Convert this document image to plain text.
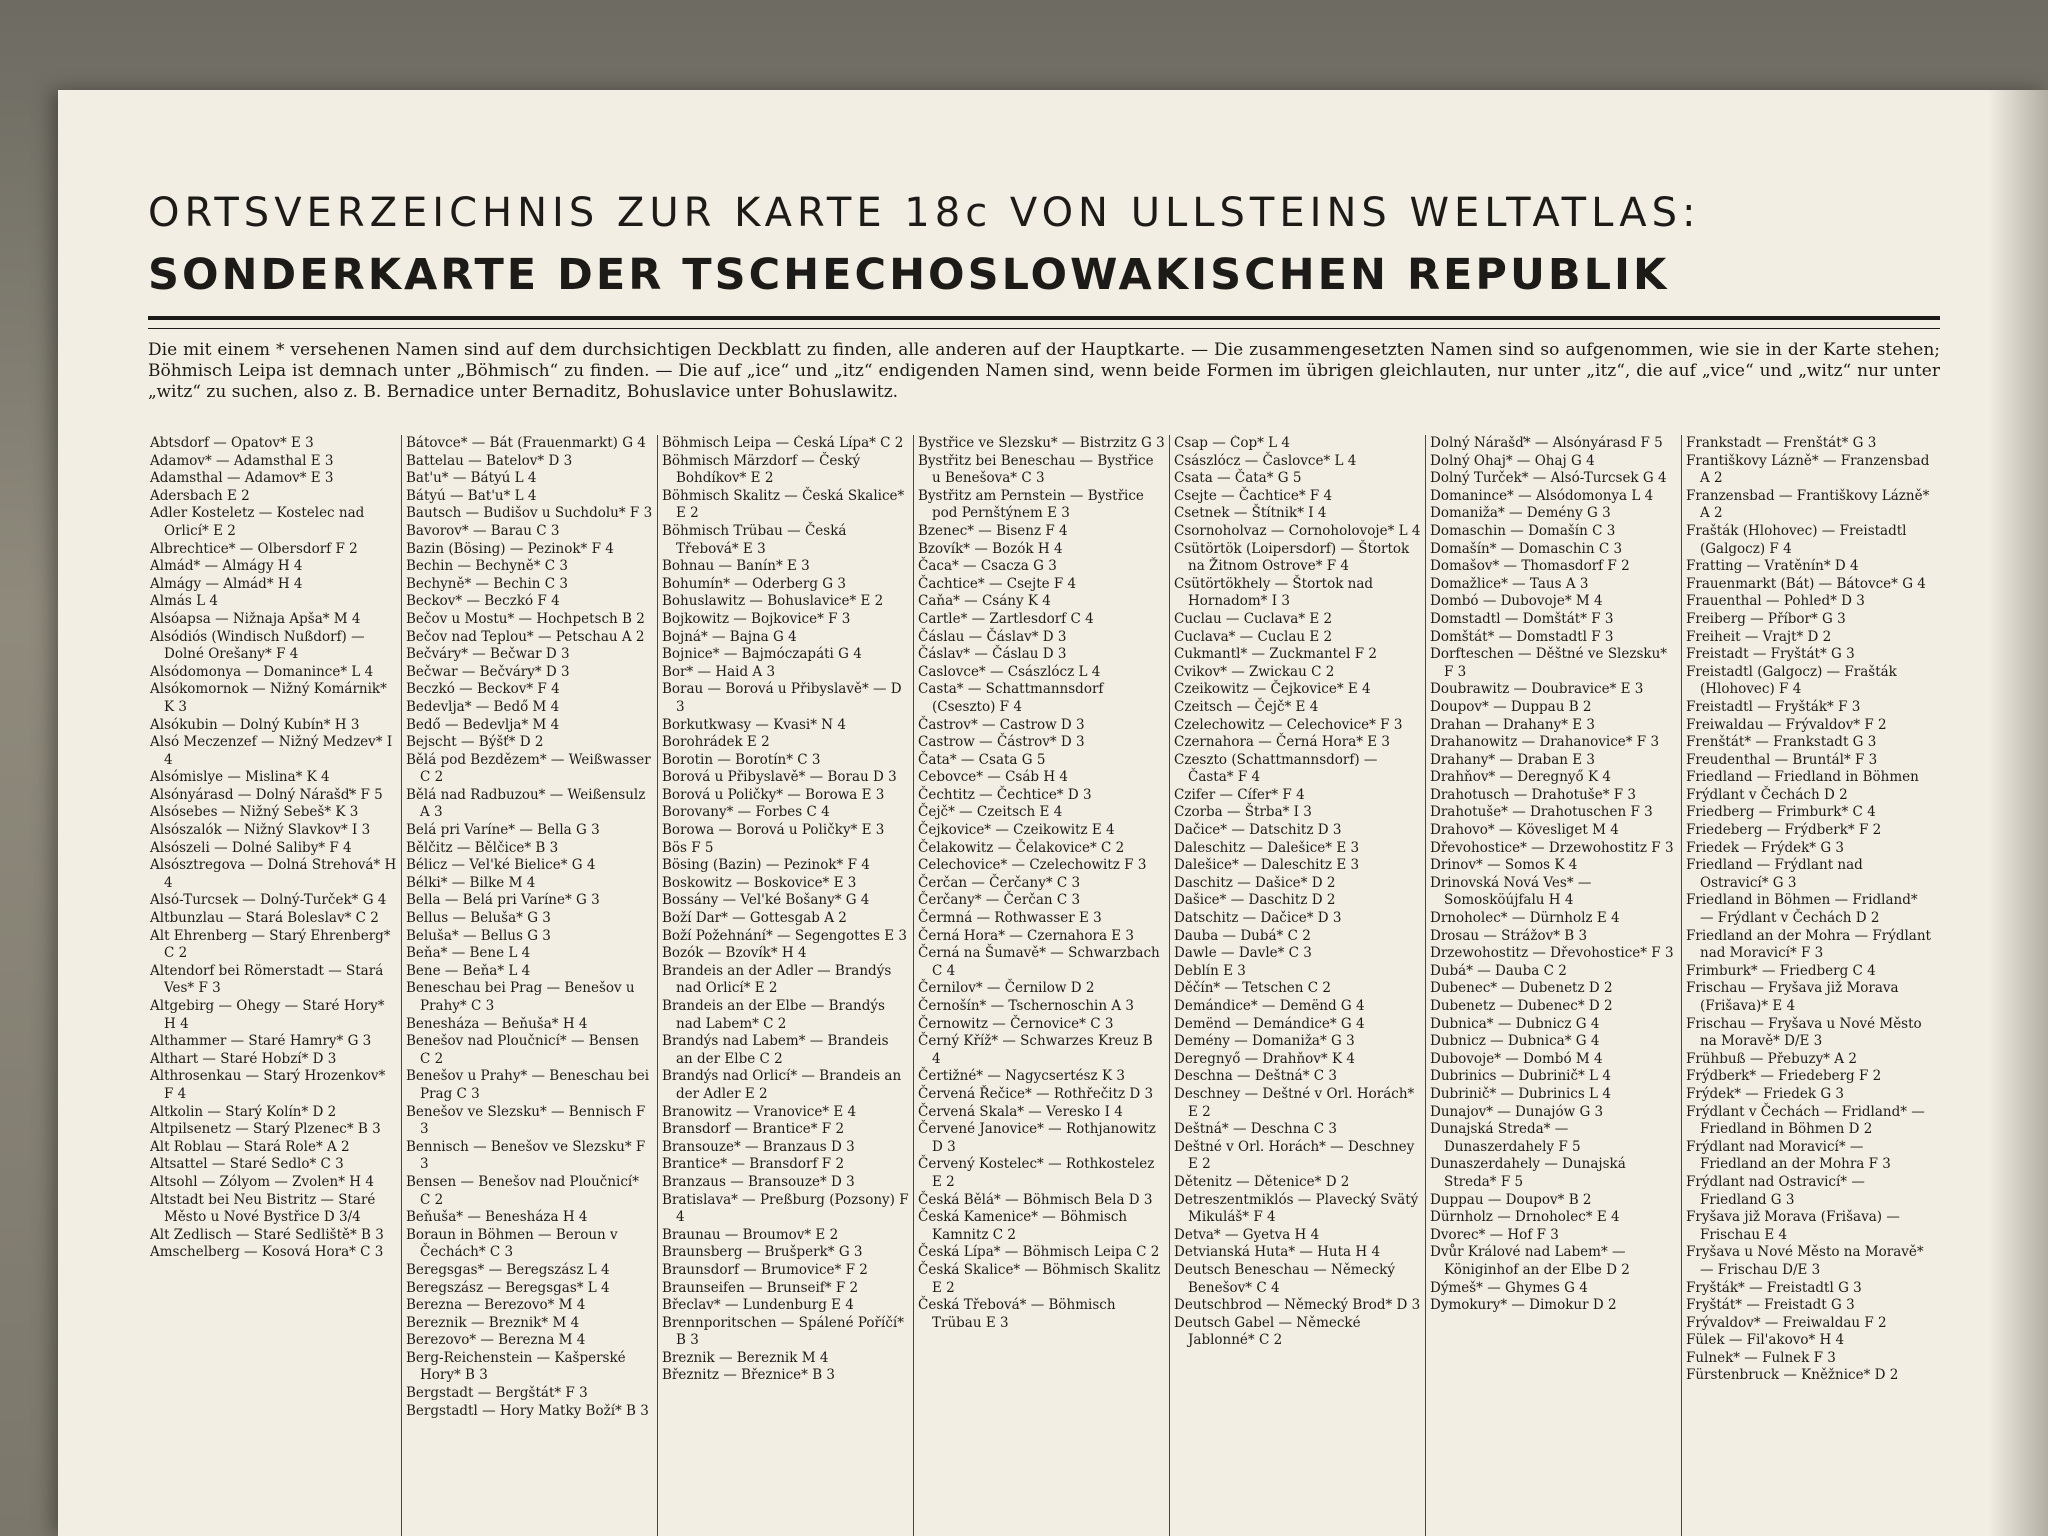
ORTSVERZEICHNIS ZUR KARTE 18c VON ULLSTEINS WELTATLAS:
SONDERKARTE DER TSCHECHOSLOWAKISCHEN REPUBLIK

Die mit einem * versehenen Namen sind auf dem durchsichtigen Deckblatt zu finden, alle anderen auf der Hauptkarte. — Die zusammengesetzten Namen sind so aufgenommen, wie sie in der Karte stehen; Böhmisch Leipa ist demnach unter „Böhmisch“ zu finden. — Die auf „ice“ und „itz“ endigenden Namen sind, wenn beide Formen im übrigen gleichlauten, nur unter „itz“, die auf „vice“ und „witz“ nur unter „witz“ zu suchen, also z. B. Bernadice unter Bernaditz, Bohuslavice unter Bohuslawitz.

Abtsdorf — Opatov* E 3

Adamov* — Adamsthal E 3

Adamsthal — Adamov* E 3

Adersbach E 2

Adler Kosteletz — Kostelec nad Orlicí* E 2

Albrechtice* — Olbersdorf F 2

Almád* — Almágy H 4

Almágy — Almád* H 4

Almás L 4

Alsóapsa — Nižnaja Apša* M 4

Alsódiós (Windisch Nußdorf) — Dolné Orešany* F 4

Alsódomonya — Domanince* L 4

Alsókomornok — Nižný Komárnik* K 3

Alsókubin — Dolný Kubín* H 3

Alsó Meczenzef — Nižný Medzev* I 4

Alsómislye — Mislina* K 4

Alsónyárasd — Dolný Nárašď* F 5

Alsósebes — Nižný Sebeš* K 3

Alsószalók — Nižný Slavkov* I 3

Alsószeli — Dolné Saliby* F 4

Alsósztregova — Dolná Strehová* H 4

Alsó-Turcsek — Dolný-Turček* G 4

Altbunzlau — Stará Boleslav* C 2

Alt Ehrenberg — Starý Ehrenberg* C 2

Altendorf bei Römerstadt — Stará Ves* F 3

Altgebirg — Ohegy — Staré Hory* H 4

Althammer — Staré Hamry* G 3

Althart — Staré Hobzí* D 3

Althrosenkau — Starý Hrozenkov* F 4

Altkolin — Starý Kolín* D 2

Altpilsenetz — Starý Plzenec* B 3

Alt Roblau — Stará Role* A 2

Altsattel — Staré Sedlo* C 3

Altsohl — Zólyom — Zvolen* H 4

Altstadt bei Neu Bistritz — Staré Město u Nové Bystřice D 3/4

Alt Zedlisch — Staré Sedliště* B 3

Amschelberg — Kosová Hora* C 3

Bátovce* — Bát (Frauenmarkt) G 4

Battelau — Batelov* D 3

Bat'u* — Bátyú L 4

Bátyú — Bat'u* L 4

Bautsch — Budišov u Suchdolu* F 3

Bavorov* — Barau C 3

Bazin (Bösing) — Pezinok* F 4

Bechin — Bechyně* C 3

Bechyně* — Bechin C 3

Beckov* — Beczkó F 4

Bečov u Mostu* — Hochpetsch B 2

Bečov nad Teplou* — Petschau A 2

Bečváry* — Bečwar D 3

Bečwar — Bečváry* D 3

Beczkó — Beckov* F 4

Bedevlja* — Bedő M 4

Bedő — Bedevlja* M 4

Bejscht — Býšť* D 2

Bělá pod Bezdězem* — Weißwasser C 2

Bělá nad Radbuzou* — Weißensulz A 3

Belá pri Varíne* — Bella G 3

Bělčitz — Bělčice* B 3

Bélicz — Vel'ké Bielice* G 4

Bélki* — Bilke M 4

Bella — Belá pri Varíne* G 3

Bellus — Beluša* G 3

Beluša* — Bellus G 3

Beňa* — Bene L 4

Bene — Beňa* L 4

Beneschau bei Prag — Benešov u Prahy* C 3

Benesháza — Beňuša* H 4

Benešov nad Ploučnicí* — Bensen C 2

Benešov u Prahy* — Beneschau bei Prag C 3

Benešov ve Slezsku* — Bennisch F 3

Bennisch — Benešov ve Slezsku* F 3

Bensen — Benešov nad Ploučnicí* C 2

Beňuša* — Benesháza H 4

Boraun in Böhmen — Beroun v Čechách* C 3

Beregsgas* — Beregszász L 4

Beregszász — Beregsgas* L 4

Berezna — Berezovo* M 4

Bereznik — Breznik* M 4

Berezovo* — Berezna M 4

Berg-Reichenstein — Kašperské Hory* B 3

Bergstadt — Bergštát* F 3

Bergstadtl — Hory Matky Boží* B 3

Böhmisch Leipa — Česká Lípa* C 2

Böhmisch Märzdorf — Český Bohdíkov* E 2

Böhmisch Skalitz — Česká Skalice* E 2

Böhmisch Trübau — Česká Třebová* E 3

Bohnau — Banín* E 3

Bohumín* — Oderberg G 3

Bohuslawitz — Bohuslavice* E 2

Bojkowitz — Bojkovice* F 3

Bojná* — Bajna G 4

Bojnice* — Bajmóczapáti G 4

Bor* — Haid A 3

Borau — Borová u Přibyslavě* — D 3

Borkutkwasy — Kvasi* N 4

Borohrádek E 2

Borotin — Borotín* C 3

Borová u Přibyslavě* — Borau D 3

Borová u Poličky* — Borowa E 3

Borovany* — Forbes C 4

Borowa — Borová u Poličky* E 3

Bös F 5

Bösing (Bazin) — Pezinok* F 4

Boskowitz — Boskovice* E 3

Bossány — Vel'ké Bošany* G 4

Boží Dar* — Gottesgab A 2

Boží Požehnání* — Segengottes E 3

Bozók — Bzovík* H 4

Brandeis an der Adler — Brandýs nad Orlicí* E 2

Brandeis an der Elbe — Brandýs nad Labem* C 2

Brandýs nad Labem* — Brandeis an der Elbe C 2

Brandýs nad Orlicí* — Brandeis an der Adler E 2

Branowitz — Vranovice* E 4

Bransdorf — Brantice* F 2

Bransouze* — Branzaus D 3

Brantice* — Bransdorf F 2

Branzaus — Bransouze* D 3

Bratislava* — Preßburg (Pozsony) F 4

Braunau — Broumov* E 2

Braunsberg — Brušperk* G 3

Braunsdorf — Brumovice* F 2

Braunseifen — Brunseif* F 2

Břeclav* — Lundenburg E 4

Brennporitschen — Spálené Poříčí* B 3

Breznik — Bereznik M 4

Březnitz — Březnice* B 3

Bystřice ve Slezsku* — Bistrzitz G 3

Bystřitz bei Beneschau — Bystřice u Benešova* C 3

Bystřitz am Pernstein — Bystřice pod Pernštýnem E 3

Bzenec* — Bisenz F 4

Bzovík* — Bozók H 4

Čaca* — Csacza G 3

Čachtice* — Csejte F 4

Caňa* — Csány K 4

Cartle* — Zartlesdorf C 4

Čáslau — Čáslav* D 3

Čáslav* — Čáslau D 3

Caslovce* — Császlócz L 4

Casta* — Schattmannsdorf (Cseszto) F 4

Častrov* — Castrow D 3

Castrow — Částrov* D 3

Čata* — Csata G 5

Cebovce* — Csáb H 4

Čechtitz — Čechtice* D 3

Čejč* — Czeitsch E 4

Čejkovice* — Czeikowitz E 4

Čelakowitz — Čelakovice* C 2

Celechovice* — Czelechowitz F 3

Čerčan — Čerčany* C 3

Čerčany* — Čerčan C 3

Čermná — Rothwasser E 3

Černá Hora* — Czernahora E 3

Černá na Šumavě* — Schwarzbach C 4

Černilov* — Černilow D 2

Černošín* — Tschernoschin A 3

Černowitz — Černovice* C 3

Černý Kříž* — Schwarzes Kreuz B 4

Čertižné* — Nagycsertész K 3

Červená Řečice* — Rothřečitz D 3

Červená Skala* — Veresko I 4

Červené Janovice* — Rothjanowitz D 3

Červený Kostelec* — Rothkostelez E 2

Česká Bělá* — Böhmisch Bela D 3

Česká Kamenice* — Böhmisch Kamnitz C 2

Česká Lípa* — Böhmisch Leipa C 2

Česká Skalice* — Böhmisch Skalitz E 2

Česká Třebová* — Böhmisch Trübau E 3

Csap — Čop* L 4

Császlócz — Časlovce* L 4

Csata — Čata* G 5

Csejte — Čachtice* F 4

Csetnek — Štítnik* I 4

Csornoholvaz — Cornoholovoje* L 4

Csütörtök (Loipersdorf) — Štortok na Žitnom Ostrove* F 4

Csütörtökhely — Štortok nad Hornadom* I 3

Cuclau — Cuclava* E 2

Cuclava* — Cuclau E 2

Cukmantl* — Zuckmantel F 2

Cvikov* — Zwickau C 2

Czeikowitz — Čejkovice* E 4

Czeitsch — Čejč* E 4

Czelechowitz — Celechovice* F 3

Czernahora — Černá Hora* E 3

Czeszto (Schattmannsdorf) — Časta* F 4

Czifer — Cífer* F 4

Czorba — Štrba* I 3

Dačice* — Datschitz D 3

Daleschitz — Dalešice* E 3

Dalešice* — Daleschitz E 3

Daschitz — Dašice* D 2

Dašice* — Daschitz D 2

Datschitz — Dačice* D 3

Dauba — Dubá* C 2

Dawle — Davle* C 3

Deblín E 3

Děčín* — Tetschen C 2

Demándice* — Demënd G 4

Demënd — Demándice* G 4

Demény — Domaniža* G 3

Deregnyő — Drahňov* K 4

Deschna — Deštná* C 3

Deschney — Deštné v Orl. Horách* E 2

Deštná* — Deschna C 3

Deštné v Orl. Horách* — Deschney E 2

Dětenitz — Dětenice* D 2

Detreszentmiklós — Plavecký Svätý Mikuláš* F 4

Detva* — Gyetva H 4

Detvianská Huta* — Huta H 4

Deutsch Beneschau — Německý Benešov* C 4

Deutschbrod — Německý Brod* D 3

Deutsch Gabel — Německé Jablonné* C 2

Dolný Nárašď* — Alsónyárasd F 5

Dolný Ohaj* — Ohaj G 4

Dolný Turček* — Alsó-Turcsek G 4

Domanince* — Alsódomonya L 4

Domaniža* — Demény G 3

Domaschin — Domašín C 3

Domašín* — Domaschin C 3

Domašov* — Thomasdorf F 2

Domažlice* — Taus A 3

Dombó — Dubovoje* M 4

Domstadtl — Domštát* F 3

Domštát* — Domstadtl F 3

Dorfteschen — Děštné ve Slezsku* F 3

Doubrawitz — Doubravice* E 3

Doupov* — Duppau B 2

Drahan — Drahany* E 3

Drahanowitz — Drahanovice* F 3

Drahany* — Draban E 3

Drahňov* — Deregnyő K 4

Drahotusch — Drahotuše* F 3

Drahotuše* — Drahotuschen F 3

Drahovo* — Kövesliget M 4

Dřevohostice* — Drzewohostitz F 3

Drinov* — Somos K 4

Drinovská Nová Ves* — Somosköújfalu H 4

Drnoholec* — Dürnholz E 4

Drosau — Strážov* B 3

Drzewohostitz — Dřevohostice* F 3

Dubá* — Dauba C 2

Dubenec* — Dubenetz D 2

Dubenetz — Dubenec* D 2

Dubnica* — Dubnicz G 4

Dubnicz — Dubnica* G 4

Dubovoje* — Dombó M 4

Dubrinics — Dubrinič* L 4

Dubrinič* — Dubrinics L 4

Dunajov* — Dunajów G 3

Dunajská Streda* — Dunaszerdahely F 5

Dunaszerdahely — Dunajská Streda* F 5

Duppau — Doupov* B 2

Dürnholz — Drnoholec* E 4

Dvorec* — Hof F 3

Dvůr Králové nad Labem* — Königinhof an der Elbe D 2

Dýmeš* — Ghymes G 4

Dymokury* — Dimokur D 2

Frankstadt — Frenštát* G 3

Františkovy Lázně* — Franzensbad A 2

Franzensbad — Františkovy Lázně* A 2

Frašták (Hlohovec) — Freistadtl (Galgocz) F 4

Fratting — Vratěnín* D 4

Frauenmarkt (Bát) — Bátovce* G 4

Frauenthal — Pohled* D 3

Freiberg — Příbor* G 3

Freiheit — Vrajt* D 2

Freistadt — Fryštát* G 3

Freistadtl (Galgocz) — Frašták (Hlohovec) F 4

Freistadtl — Fryšták* F 3

Freiwaldau — Frývaldov* F 2

Frenštát* — Frankstadt G 3

Freudenthal — Bruntál* F 3

Friedland — Friedland in Böhmen

Frýdlant v Čechách D 2

Friedberg — Frimburk* C 4

Friedeberg — Frýdberk* F 2

Friedek — Frýdek* G 3

Friedland — Frýdlant nad Ostravicí* G 3

Friedland in Böhmen — Fridland* — Frýdlant v Čechách D 2

Friedland an der Mohra — Frýdlant nad Moravicí* F 3

Frimburk* — Friedberg C 4

Frischau — Fryšava již Morava (Frišava)* E 4

Frischau — Fryšava u Nové Město na Moravě* D/E 3

Frühbuß — Přebuzy* A 2

Frýdberk* — Friedeberg F 2

Frýdek* — Friedek G 3

Frýdlant v Čechách — Fridland* — Friedland in Böhmen D 2

Frýdlant nad Moravicí* — Friedland an der Mohra F 3

Frýdlant nad Ostravicí* — Friedland G 3

Fryšava již Morava (Frišava) — Frischau E 4

Fryšava u Nové Město na Moravě* — Frischau D/E 3

Fryšták* — Freistadtl G 3

Fryštát* — Freistadt G 3

Frývaldov* — Freiwaldau F 2

Fülek — Fil'akovo* H 4

Fulnek* — Fulnek F 3

Fürstenbruck — Kněžnice* D 2
